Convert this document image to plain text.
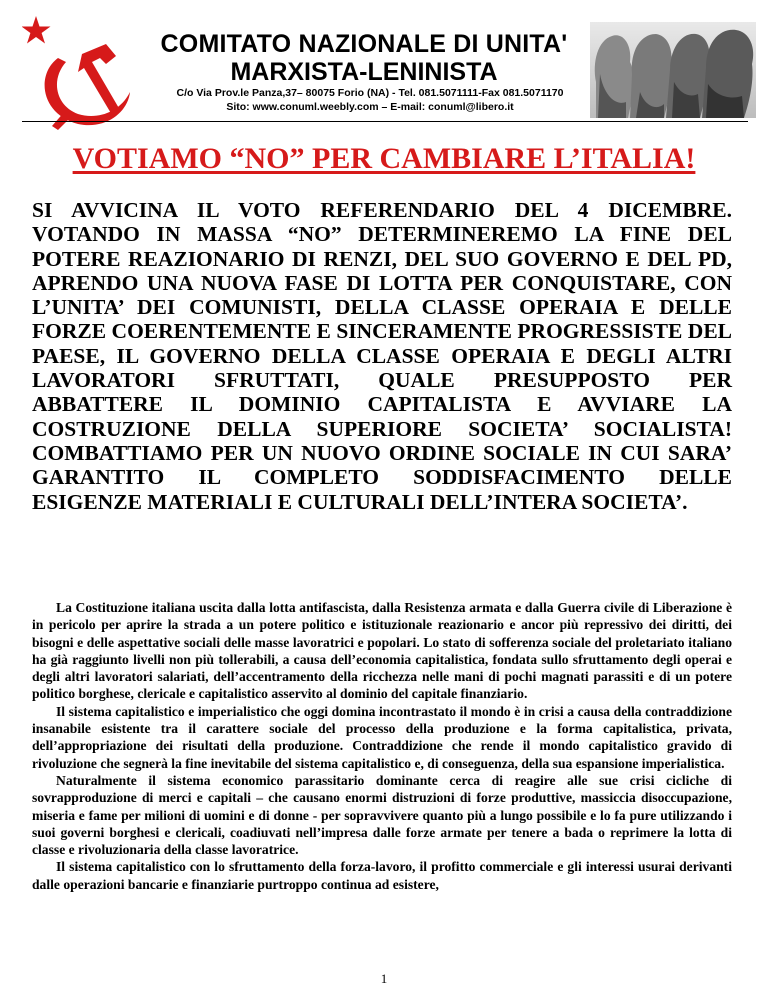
COMITATO NAZIONALE DI UNITA'
MARXISTA-LENINISTA
C/o Via Prov.le Panza,37– 80075 Forio (NA) - Tel. 081.5071111-Fax 081.5071170
Sito: www.conuml.weebly.com – E-mail: conuml@libero.it
VOTIAMO “NO” PER CAMBIARE L’ITALIA!
SI AVVICINA IL VOTO REFERENDARIO DEL 4 DICEMBRE. VOTANDO IN MASSA “NO” DETERMINEREMO LA FINE DEL POTERE REAZIONARIO DI RENZI, DEL SUO GOVERNO E DEL PD, APRENDO UNA NUOVA FASE DI LOTTA PER CONQUISTARE, CON L’UNITA’ DEI COMUNISTI, DELLA CLASSE OPERAIA E DELLE FORZE COERENTEMENTE E SINCERAMENTE PROGRESSISTE DEL PAESE, IL GOVERNO DELLA CLASSE OPERAIA E DEGLI ALTRI LAVORATORI SFRUTTATI, QUALE PRESUPPOSTO PER ABBATTERE IL DOMINIO CAPITALISTA E AVVIARE LA COSTRUZIONE DELLA SUPERIORE SOCIETA’ SOCIALISTA! COMBATTIAMO PER UN NUOVO ORDINE SOCIALE IN CUI SARA’ GARANTITO IL COMPLETO SODDISFACIMENTO DELLE ESIGENZE MATERIALI E CULTURALI DELL’INTERA SOCIETA’.

La Costituzione italiana uscita dalla lotta antifascista, dalla Resistenza armata e dalla Guerra civile di Liberazione è in pericolo per aprire la strada a un potere politico e istituzionale reazionario e ancor più repressivo dei diritti, dei bisogni e delle aspettative sociali delle masse lavoratrici e popolari. Lo stato di sofferenza sociale del proletariato italiano ha già raggiunto livelli non più tollerabili, a causa dell’economia capitalistica, fondata sullo sfruttamento degli operai e degli altri lavoratori salariati, dell’accentramento della ricchezza nelle mani di pochi magnati parassiti e di un potere politico borghese, clericale e capitalistico asservito al dominio del capitale finanziario.

Il sistema capitalistico e imperialistico che oggi domina incontrastato il mondo è in crisi a causa della contraddizione insanabile esistente tra il carattere sociale del processo della produzione e la forma capitalistica, privata, dell’appropriazione dei risultati della produzione. Contraddizione che rende il mondo capitalistico gravido di rivoluzione che segnerà la fine inevitabile del sistema capitalistico e, di conseguenza, della sua espansione imperialistica.

Naturalmente il sistema economico parassitario dominante cerca di reagire alle sue crisi cicliche di sovrapproduzione di merci e capitali – che causano enormi distruzioni di forze produttive, massiccia disoccupazione, miseria e fame per milioni di uomini e di donne - per sopravvivere quanto più a lungo possibile e lo fa pure utilizzando i suoi governi borghesi e clericali, coadiuvati nell’impresa dalle forze armate per tenere a bada o reprimere la lotta di classe e rivoluzionaria della classe lavoratrice.

Il sistema capitalistico con lo sfruttamento della forza-lavoro, il profitto commerciale e gli interessi usurai derivanti dalle operazioni bancarie e finanziarie purtroppo continua ad esistere,

1
